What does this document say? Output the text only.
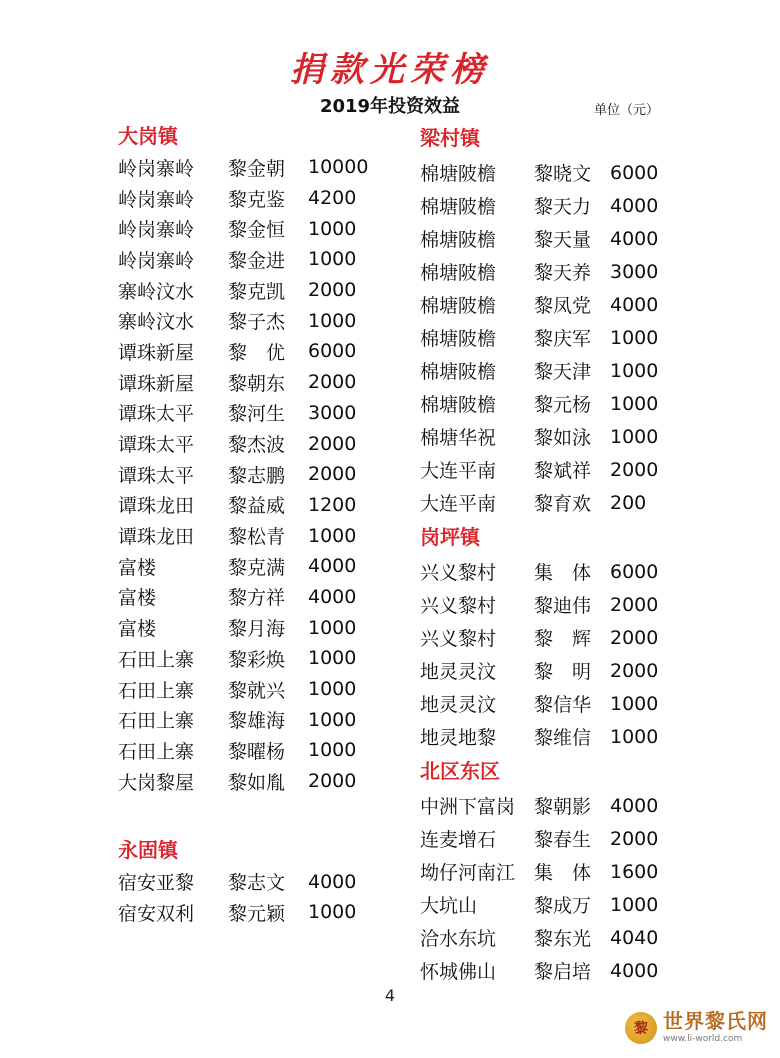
捐款光荣榜
2019年投资效益	单位（元）
大岗镇
岭岗寨岭	黎金朝	10000
岭岗寨岭	黎克鉴	4200
岭岗寨岭	黎金恒	1000
岭岗寨岭	黎金进	1000
寨岭汶水	黎克凯	2000
寨岭汶水	黎子杰	1000
谭珠新屋	黎　优	6000
谭珠新屋	黎朝东	2000
谭珠太平	黎河生	3000
谭珠太平	黎杰波	2000
谭珠太平	黎志鹏	2000
谭珠龙田	黎益威	1200
谭珠龙田	黎松青	1000
富楼	黎克满	4000
富楼	黎方祥	4000
富楼	黎月海	1000
石田上寨	黎彩焕	1000
石田上寨	黎就兴	1000
石田上寨	黎雄海	1000
石田上寨	黎曜杨	1000
大岗黎屋	黎如胤	2000
永固镇
宿安亚黎	黎志文	4000
宿安双利	黎元颖	1000
梁村镇
棉塘陂檐	黎晓文 6000
棉塘陂檐	黎天力 4000
棉塘陂檐	黎天量 4000
棉塘陂檐	黎天养 3000
棉塘陂檐	黎凤党 4000
棉塘陂檐	黎庆军 1000
棉塘陂檐	黎天津 1000
棉塘陂檐	黎元杨 1000
棉塘华祝	黎如泳 1000
大连平南	黎斌祥 2000
大连平南	黎育欢 200
岗坪镇
兴义黎村	集　体 6000
兴义黎村	黎迪伟 2000
兴义黎村	黎　辉 2000
地灵灵汶	黎　明 2000
地灵灵汶	黎信华 1000
地灵地黎	黎维信 1000
北区东区
中洲下富岗 黎朝影 4000
连麦增石	黎春生 2000
坳仔河南江 集　体 1600
大坑山	黎成万 1000
洽水东坑	黎东光 4040
怀城佛山	黎启培 4000
4
黎 世界黎氏网
www.li-world.com
